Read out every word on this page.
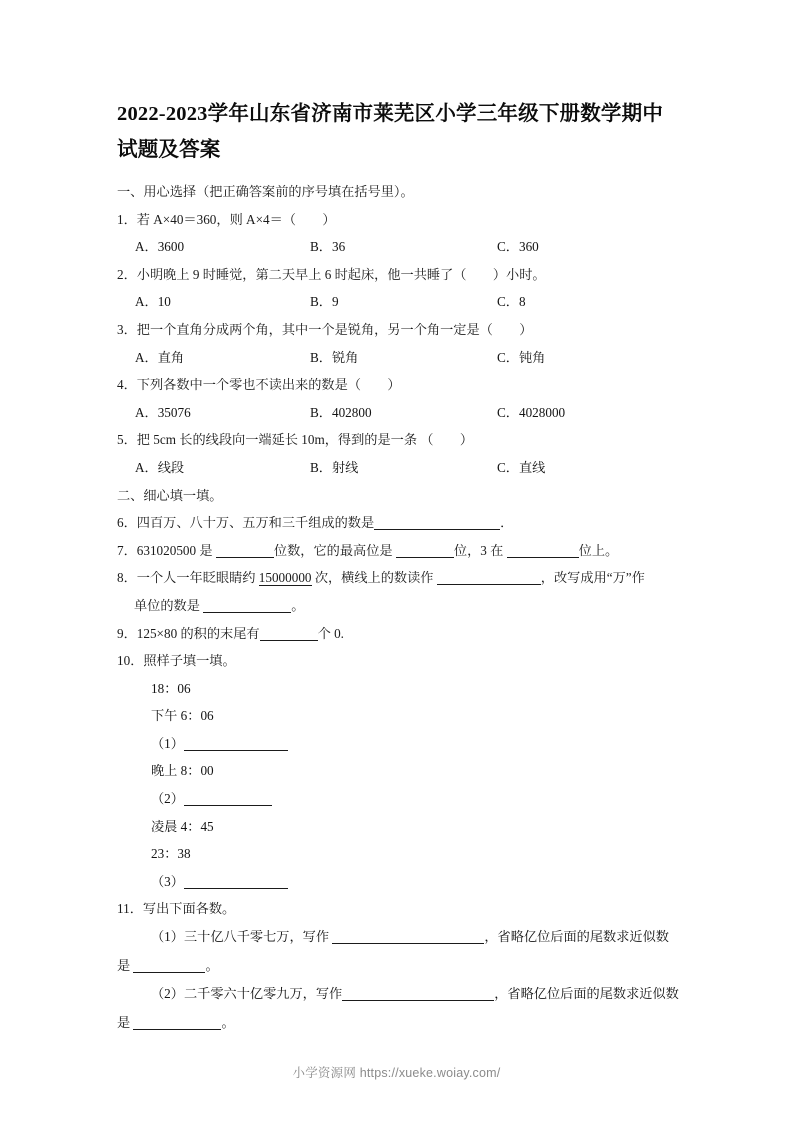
2022-2023学年山东省济南市莱芜区小学三年级下册数学期中试题及答案
一、用心选择（把正确答案前的序号填在括号里）。
1．若 A×40＝360，则 A×4＝（　　）
A．3600	B．36	C．360
2．小明晚上 9 时睡觉，第二天早上 6 时起床，他一共睡了（　　）小时。
A．10	B．9	C．8
3．把一个直角分成两个角，其中一个是锐角，另一个角一定是（　　）
A．直角	B．锐角	C．钝角
4．下列各数中一个零也不读出来的数是（　　）
A．35076	B．402800	C．4028000
5．把 5cm 长的线段向一端延长 10m，得到的是一条 （　　）
A．线段	B．射线	C．直线
二、细心填一填。
6．四百万、八十万、五万和三千组成的数是	．
7．631020500 是	位数，它的最高位是	位，3 在	位上。
8．一个人一年眨眼睛约 15000000 次，横线上的数读作	，改写成用“万”作
单位的数是	。
9．125×80 的积的末尾有	个 0.
10．照样子填一填。
18：06
下午 6：06
（1）
晚上 8：00
（2）
凌晨 4：45
23：38
（3）
11．写出下面各数。
（1）三十亿八千零七万，写作	，省略亿位后面的尾数求近似数
是	。
（2）二千零六十亿零九万，写作	，省略亿位后面的尾数求近似数
是	。
小学资源网 https://xueke.woiay.com/
